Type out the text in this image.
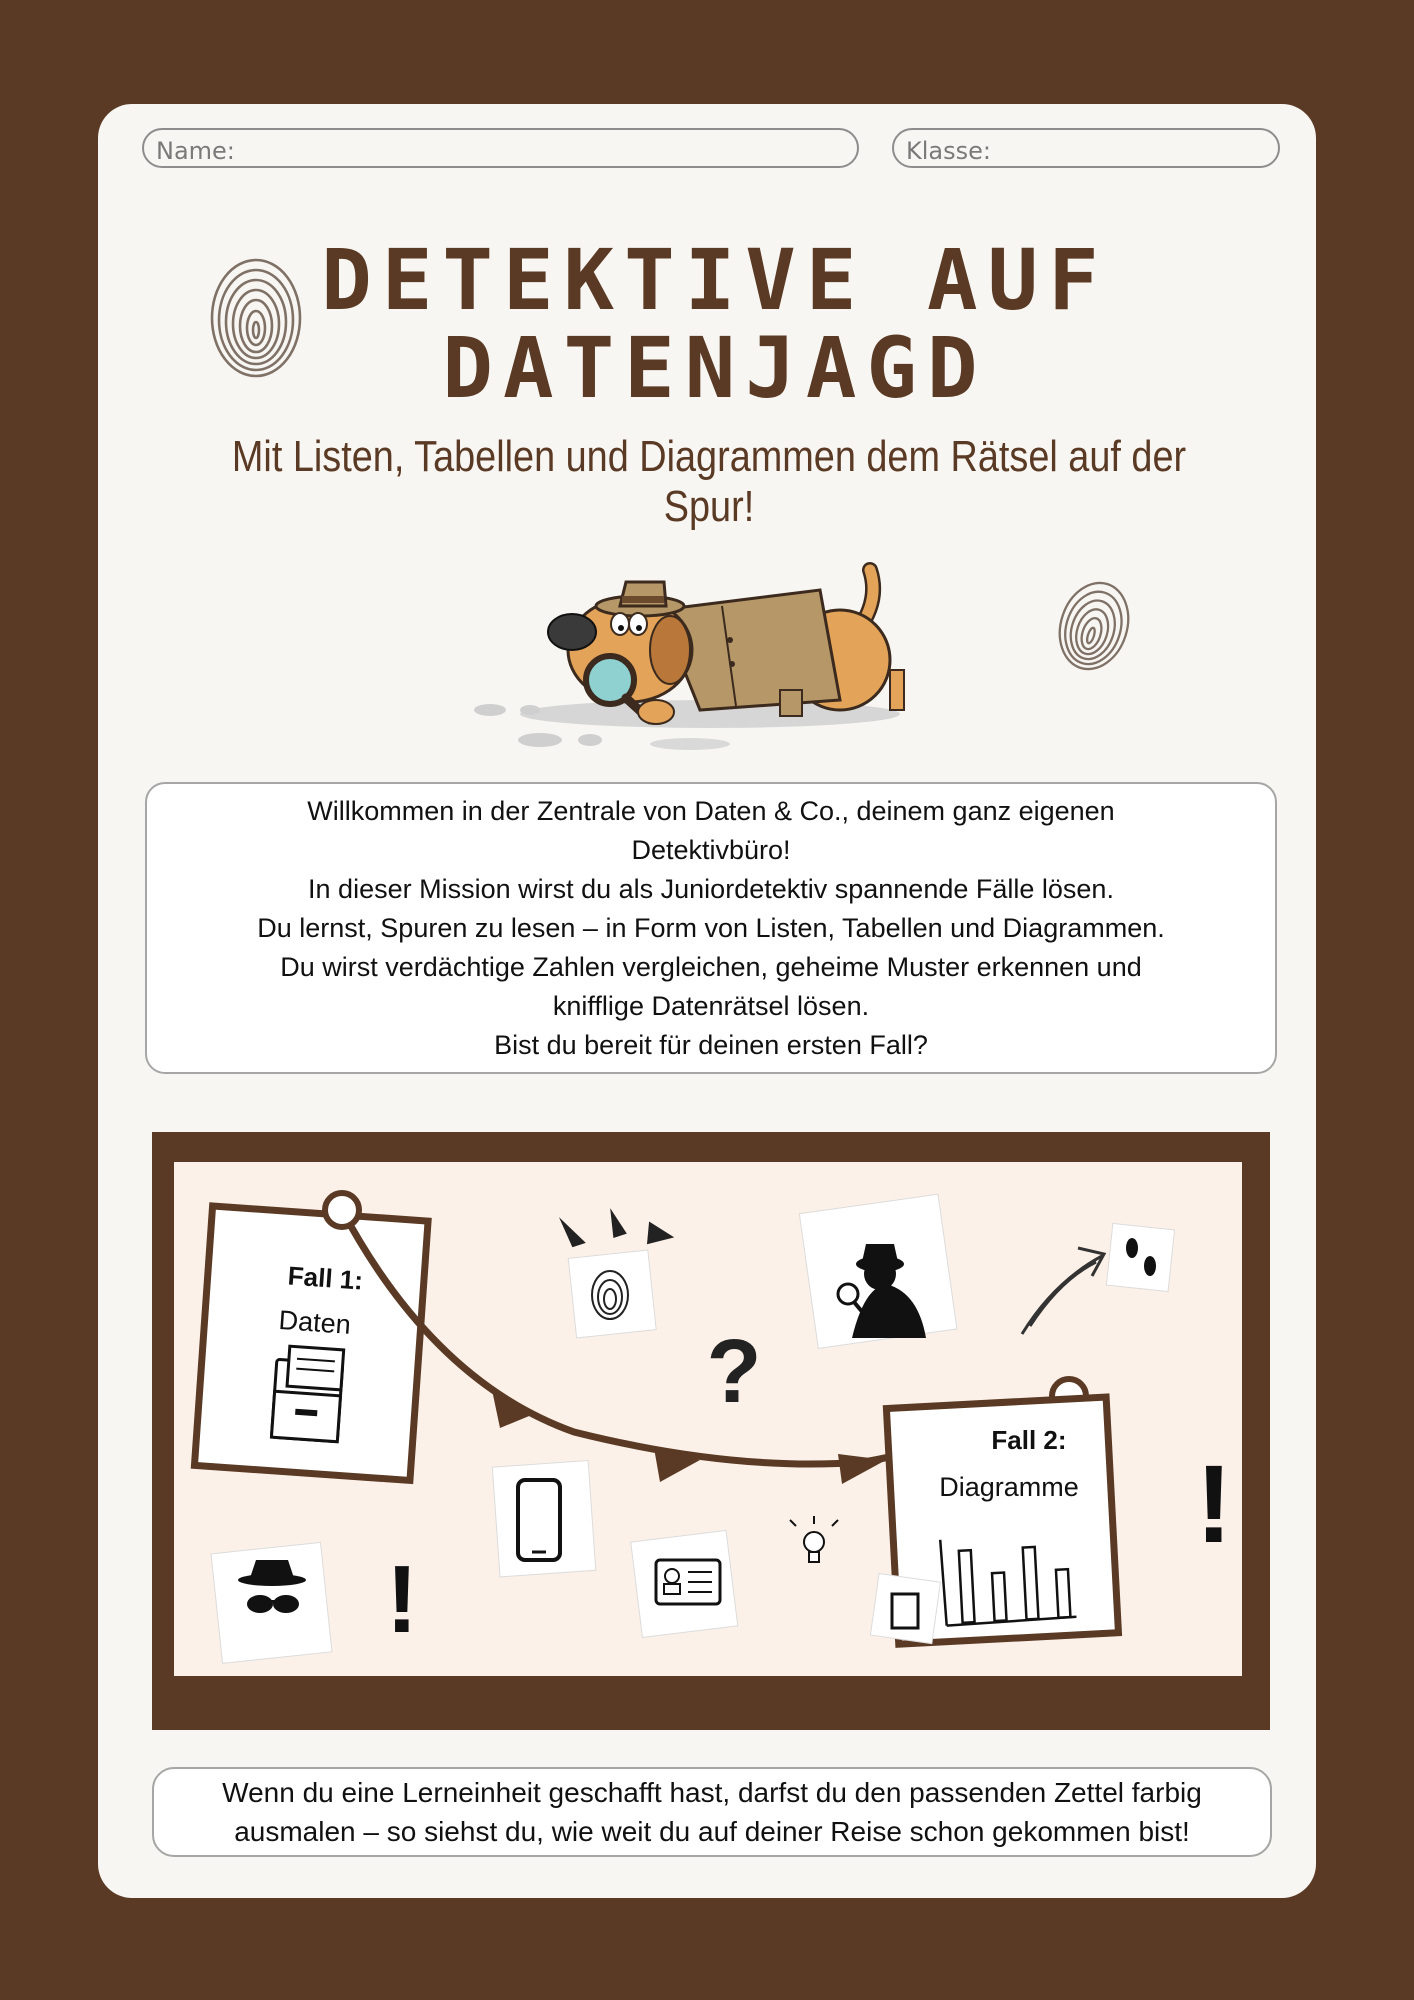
Name:	Klasse:
DETEKTIVE AUF
DATENJAGD
Mit Listen, Tabellen und Diagrammen dem Rätsel auf der Spur!
Willkommen in der Zentrale von Daten & Co., deinem ganz eigenen
Detektivbüro!
In dieser Mission wirst du als Juniordetektiv spannende Fälle lösen.
Du lernst, Spuren zu lesen – in Form von Listen, Tabellen und Diagrammen.
Du wirst verdächtige Zahlen vergleichen, geheime Muster erkennen und
knifflige Datenrätsel lösen.
Bist du bereit für deinen ersten Fall?
Fall 1:
Daten
Fall 2:
Diagramme
?
!
!
Wenn du eine Lerneinheit geschafft hast, darfst du den passenden Zettel farbig
ausmalen – so siehst du, wie weit du auf deiner Reise schon gekommen bist!
